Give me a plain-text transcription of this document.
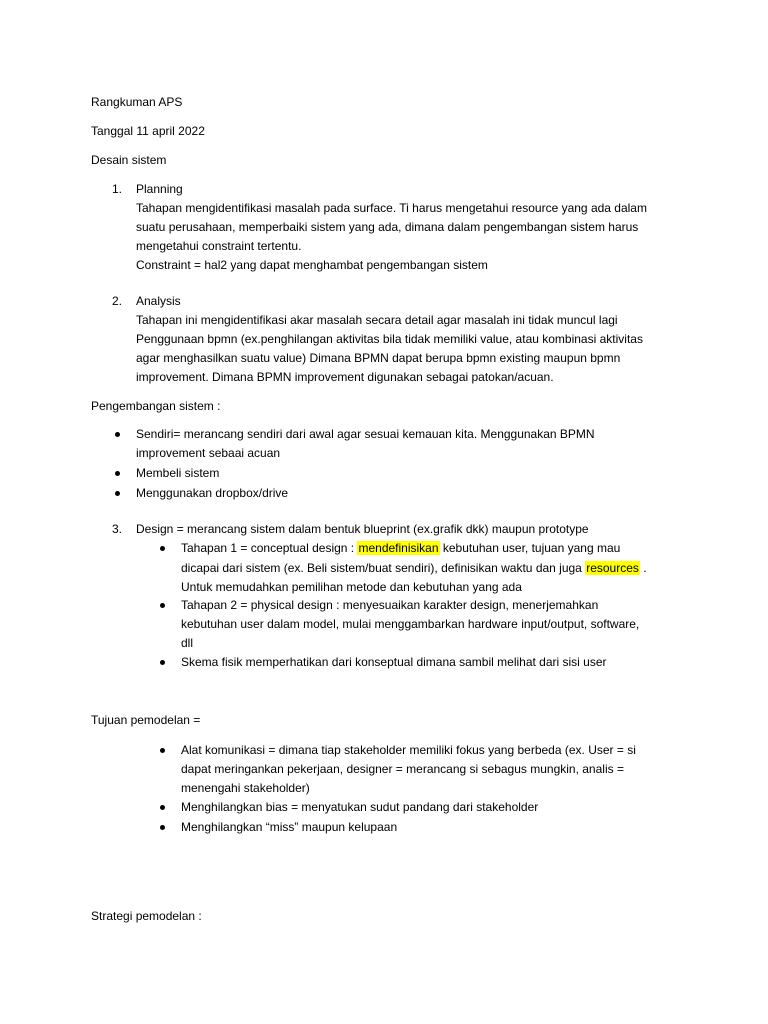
Rangkuman APS
Tanggal 11 april 2022
Desain sistem
1. Planning
Tahapan mengidentifikasi masalah pada surface. Ti harus mengetahui resource yang ada dalam
suatu perusahaan, memperbaiki sistem yang ada, dimana dalam pengembangan sistem harus
mengetahui constraint tertentu.
Constraint = hal2 yang dapat menghambat pengembangan sistem
2. Analysis
Tahapan ini mengidentifikasi akar masalah secara detail agar masalah ini tidak muncul lagi
Penggunaan bpmn (ex.penghilangan aktivitas bila tidak memiliki value, atau kombinasi aktivitas
agar menghasilkan suatu value) Dimana BPMN dapat berupa bpmn existing maupun bpmn
improvement. Dimana BPMN improvement digunakan sebagai patokan/acuan.
Pengembangan sistem :
Sendiri= merancang sendiri dari awal agar sesuai kemauan kita. Menggunakan BPMN
improvement sebaai acuan
Membeli sistem
Menggunakan dropbox/drive
3. Design = merancang sistem dalam bentuk blueprint (ex.grafik dkk) maupun prototype
Tahapan 1 = conceptual design : mendefinisikan kebutuhan user, tujuan yang mau
dicapai dari sistem (ex. Beli sistem/buat sendiri), definisikan waktu dan juga resources .
Untuk memudahkan pemilihan metode dan kebutuhan yang ada
Tahapan 2 = physical design : menyesuaikan karakter design, menerjemahkan
kebutuhan user dalam model, mulai menggambarkan hardware input/output, software,
dll
Skema fisik memperhatikan dari konseptual dimana sambil melihat dari sisi user
Tujuan pemodelan =
Alat komunikasi = dimana tiap stakeholder memiliki fokus yang berbeda (ex. User = si
dapat meringankan pekerjaan, designer = merancang si sebagus mungkin, analis =
menengahi stakeholder)
Menghilangkan bias = menyatukan sudut pandang dari stakeholder
Menghilangkan “miss” maupun kelupaan
Strategi pemodelan :
